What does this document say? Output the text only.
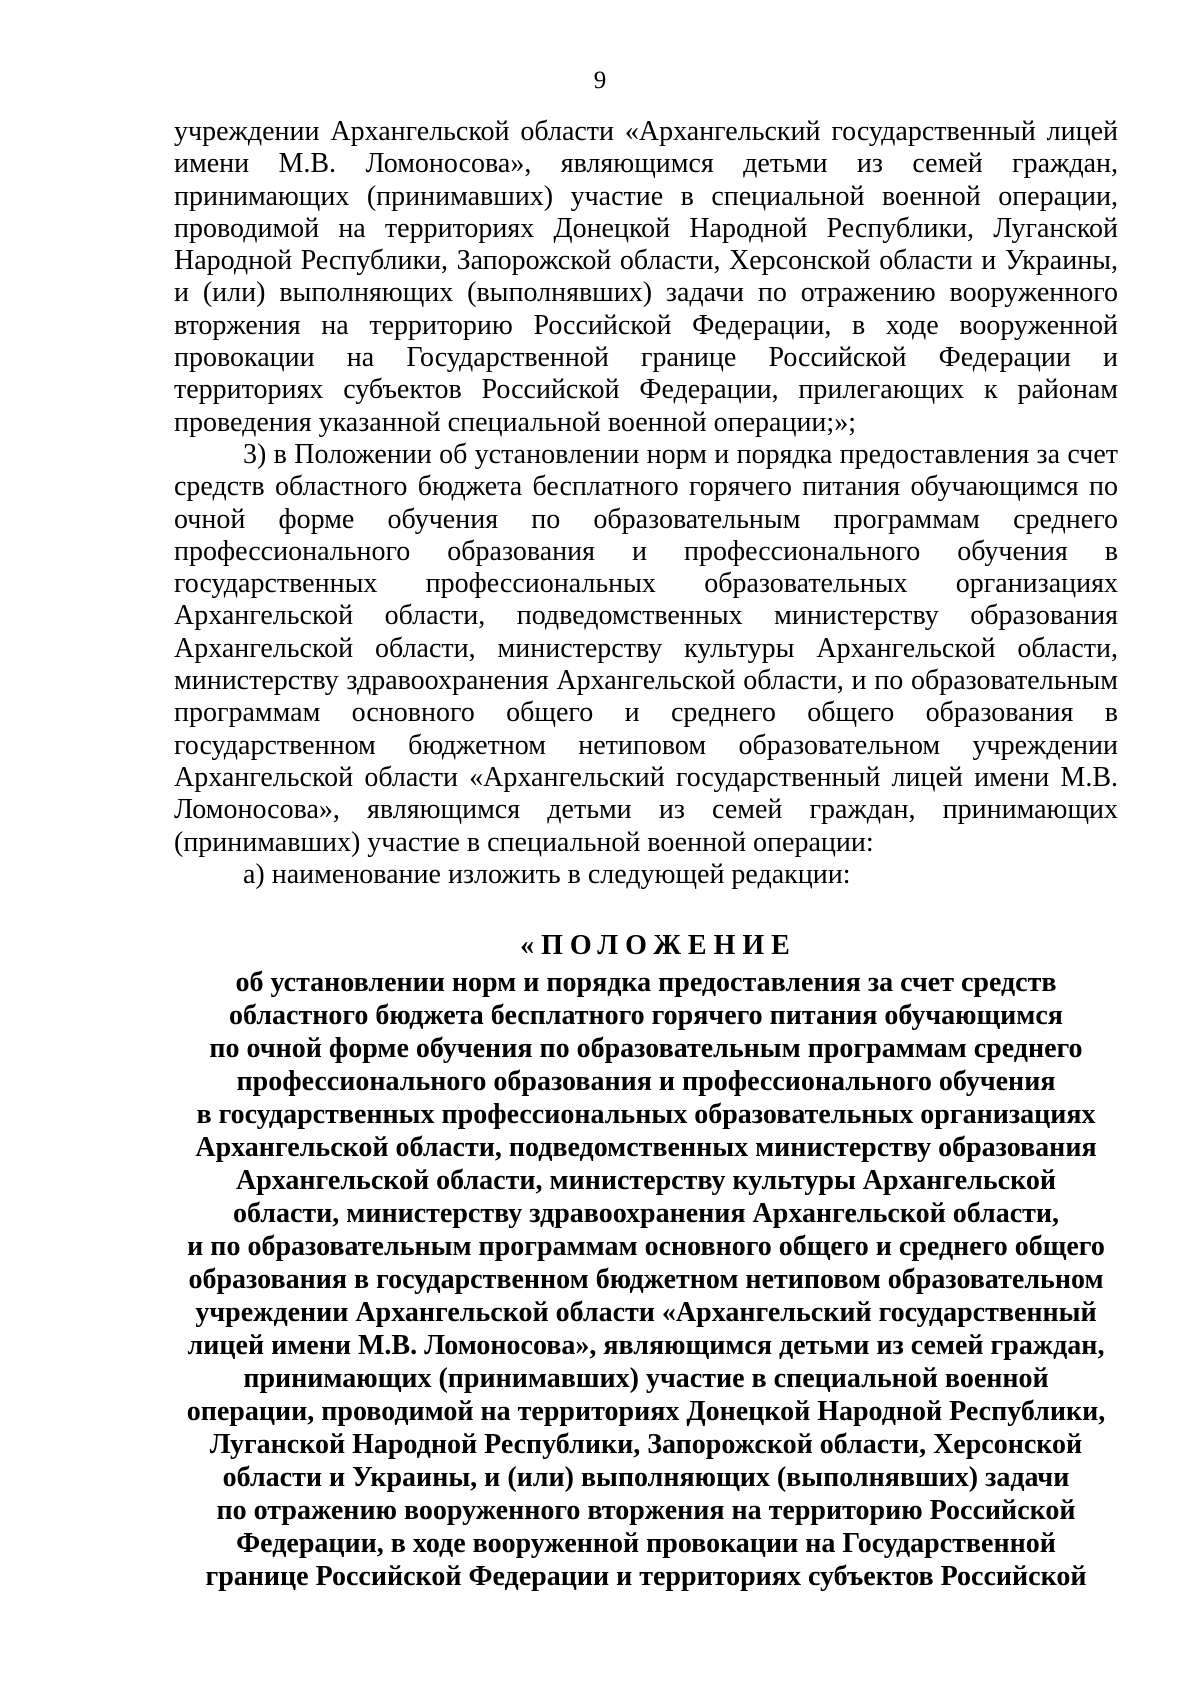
9

учреждении Архангельской области «Архангельский государственный лицей имени М.В. Ломоносова», являющимся детьми из семей граждан, принимающих (принимавших) участие в специальной военной операции, проводимой на территориях Донецкой Народной Республики, Луганской Народной Республики, Запорожской области, Херсонской области и Украины, и (или) выполняющих (выполнявших) задачи по отражению вооруженного вторжения на территорию Российской Федерации, в ходе вооруженной провокации на Государственной границе Российской Федерации и территориях субъектов Российской Федерации, прилегающих к районам проведения указанной специальной военной операции;»;

3) в Положении об установлении норм и порядка предоставления за счет средств областного бюджета бесплатного горячего питания обучающимся по очной форме обучения по образовательным программам среднего профессионального образования и профессионального обучения в государственных профессиональных образовательных организациях Архангельской области, подведомственных министерству образования Архангельской области, министерству культуры Архангельской области, министерству здравоохранения Архангельской области, и по образовательным программам основного общего и среднего общего образования в государственном бюджетном нетиповом образовательном учреждении Архангельской области «Архангельский государственный лицей имени М.В. Ломоносова», являющимся детьми из семей граждан, принимающих (принимавших) участие в специальной военной операции:

а) наименование изложить в следующей редакции:

«ПОЛОЖЕНИЕ
об установлении норм и порядка предоставления за счет средств
областного бюджета бесплатного горячего питания обучающимся
по очной форме обучения по образовательным программам среднего
профессионального образования и профессионального обучения
в государственных профессиональных образовательных организациях
Архангельской области, подведомственных министерству образования
Архангельской области, министерству культуры Архангельской
области, министерству здравоохранения Архангельской области,
и по образовательным программам основного общего и среднего общего
образования в государственном бюджетном нетиповом образовательном
учреждении Архангельской области «Архангельский государственный
лицей имени М.В. Ломоносова», являющимся детьми из семей граждан,
принимающих (принимавших) участие в специальной военной
операции, проводимой на территориях Донецкой Народной Республики,
Луганской Народной Республики, Запорожской области, Херсонской
области и Украины, и (или) выполняющих (выполнявших) задачи
по отражению вооруженного вторжения на территорию Российской
Федерации, в ходе вооруженной провокации на Государственной
границе Российской Федерации и территориях субъектов Российской
